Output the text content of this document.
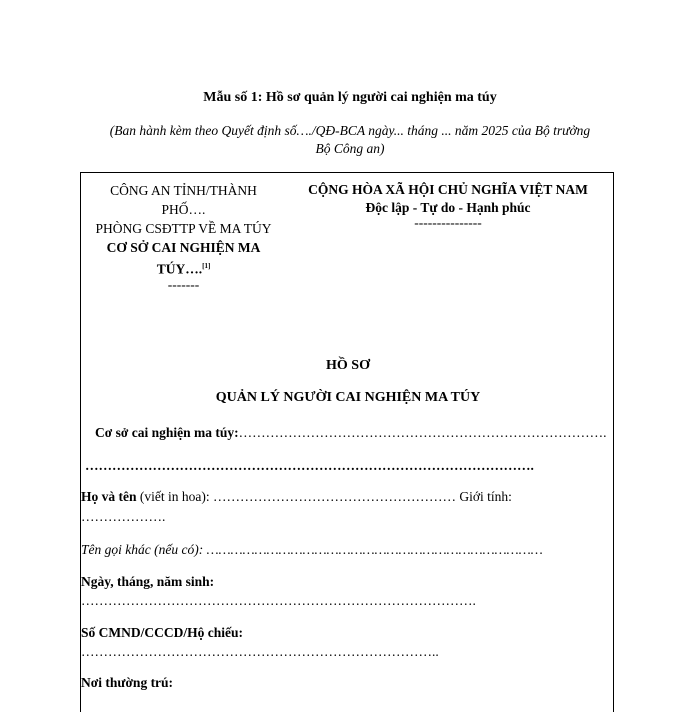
Mẫu số 1: Hồ sơ quản lý người cai nghiện ma túy
(Ban hành kèm theo Quyết định số…./QĐ-BCA ngày... tháng ... năm 2025 của Bộ trưởng
Bộ Công an)
CÔNG AN TỈNH/THÀNH
PHỐ….
PHÒNG CSĐTTP VỀ MA TÚY
CƠ SỞ CAI NGHIỆN MA
TÚY….[1]
-------
CỘNG HÒA XÃ HỘI CHỦ NGHĨA VIỆT NAM
Độc lập - Tự do - Hạnh phúc
---------------
HỒ SƠ
QUẢN LÝ NGƯỜI CAI NGHIỆN MA TÚY
Cơ sở cai nghiện ma túy:……………………………………………………………………….
……………………………………………………………………………………….
Họ và tên (viết in hoa): ……………………………………………… Giới tính:
……………….
Tên gọi khác (nếu có): …………………………………………………………………………
Ngày, tháng, năm sinh:
…………………………………………………………………………….
Số CMND/CCCD/Hộ chiếu:
……………………………………………………………………..
Nơi thường trú:
